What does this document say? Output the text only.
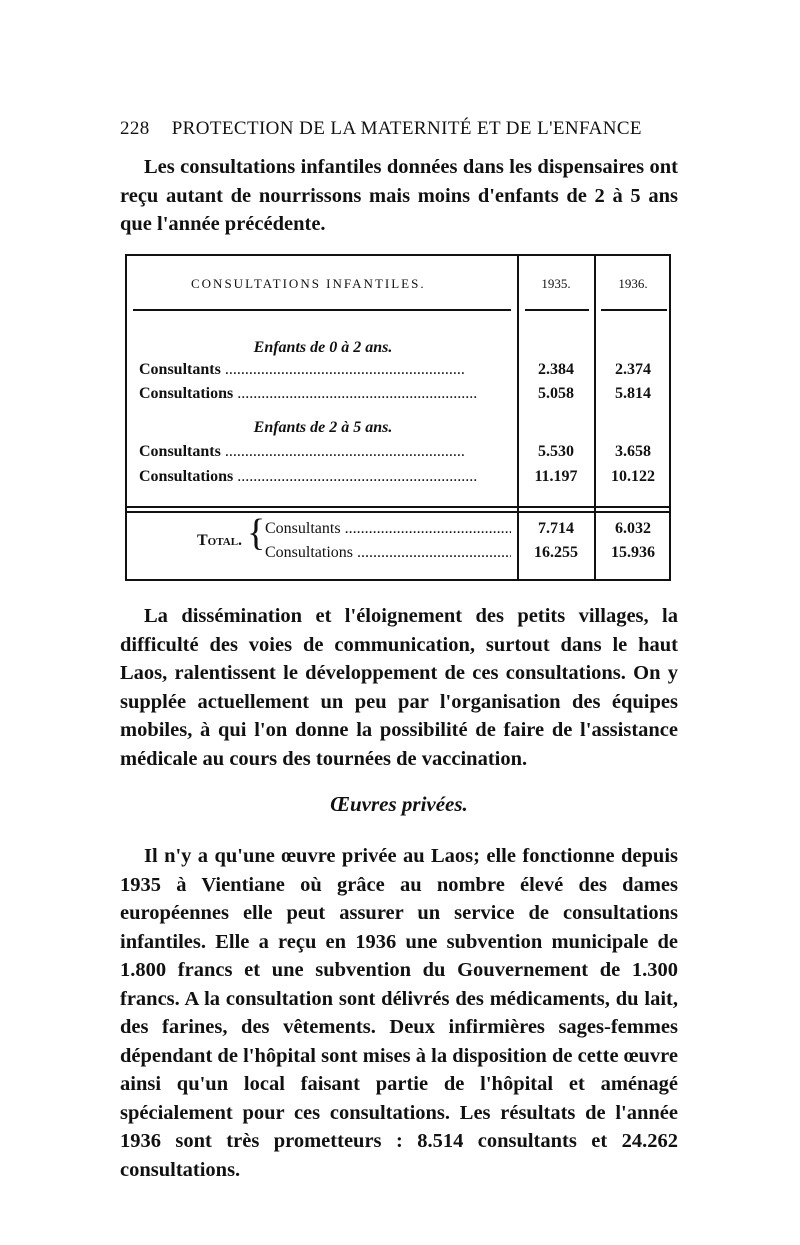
228 PROTECTION DE LA MATERNITÉ ET DE L'ENFANCE

Les consultations infantiles données dans les dispensaires ont reçu autant de nourrissons mais moins d'enfants de 2 à 5 ans que l'année précédente.

CONSULTATIONS INFANTILES.	1935.	1936.
Enfants de 0 à 2 ans.
Consultants .....	2.384	2.374
Consultations .....	5.058	5.814
Enfants de 2 à 5 ans.
Consultants .....	5.530	3.658
Consultations .....	11.197	10.122
Total. { Consultants .....	7.714	6.032
Consultations .....	16.255	15.936

La dissémination et l'éloignement des petits villages, la difficulté des voies de communication, surtout dans le haut Laos, ralentissent le développement de ces consultations. On y supplée actuellement un peu par l'organisation des équipes mobiles, à qui l'on donne la possibilité de faire de l'assistance médicale au cours des tournées de vaccination.

Œuvres privées.

Il n'y a qu'une œuvre privée au Laos; elle fonctionne depuis 1935 à Vientiane où grâce au nombre élevé des dames européennes elle peut assurer un service de consultations infantiles. Elle a reçu en 1936 une subvention municipale de 1.800 francs et une subvention du Gouvernement de 1.300 francs. A la consultation sont délivrés des médicaments, du lait, des farines, des vêtements. Deux infirmières sages-femmes dépendant de l'hôpital sont mises à la disposition de cette œuvre ainsi qu'un local faisant partie de l'hôpital et aménagé spécialement pour ces consultations. Les résultats de l'année 1936 sont très prometteurs : 8.514 consultants et 24.262 consultations.
